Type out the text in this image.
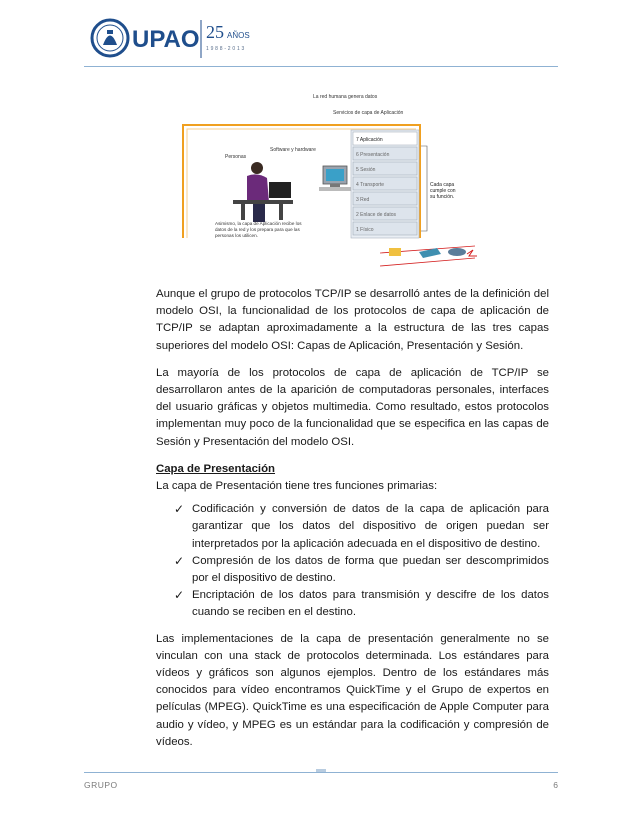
UPAO 25 AÑOS
1988-2013
La red humana genera datos
Servicios de capa de Aplicación
Software y hardware
Personas
Asimismo, la capa de Aplicación recibe los
datos de la red y los prepara para que las
personas los utilicen.
7 Aplicación
6 Presentación
5 Sesión
4 Transporte
3 Red
2 Enlace de datos
1 Físico
Cada capa
cumple con
su función.

Aunque el grupo de protocolos TCP/IP se desarrolló antes de la definición del modelo OSI, la funcionalidad de los protocolos de capa de aplicación de TCP/IP se adaptan aproximadamente a la estructura de las tres capas superiores del modelo OSI: Capas de Aplicación, Presentación y Sesión.

La mayoría de los protocolos de capa de aplicación de TCP/IP se desarrollaron antes de la aparición de computadoras personales, interfaces del usuario gráficas y objetos multimedia. Como resultado, estos protocolos implementan muy poco de la funcionalidad que se especifica en las capas de Sesión y Presentación del modelo OSI.

Capa de Presentación
La capa de Presentación tiene tres funciones primarias:
✓ Codificación y conversión de datos de la capa de aplicación para garantizar que los datos del dispositivo de origen puedan ser interpretados por la aplicación adecuada en el dispositivo de destino.
✓ Compresión de los datos de forma que puedan ser descomprimidos por el dispositivo de destino.
✓ Encriptación de los datos para transmisión y descifre de los datos cuando se reciben en el destino.

Las implementaciones de la capa de presentación generalmente no se vinculan con una stack de protocolos determinada. Los estándares para vídeos y gráficos son algunos ejemplos. Dentro de los estándares más conocidos para vídeo encontramos QuickTime y el Grupo de expertos en películas (MPEG). QuickTime es una especificación de Apple Computer para audio y vídeo, y MPEG es un estándar para la codificación y compresión de vídeos.

GRUPO	6
